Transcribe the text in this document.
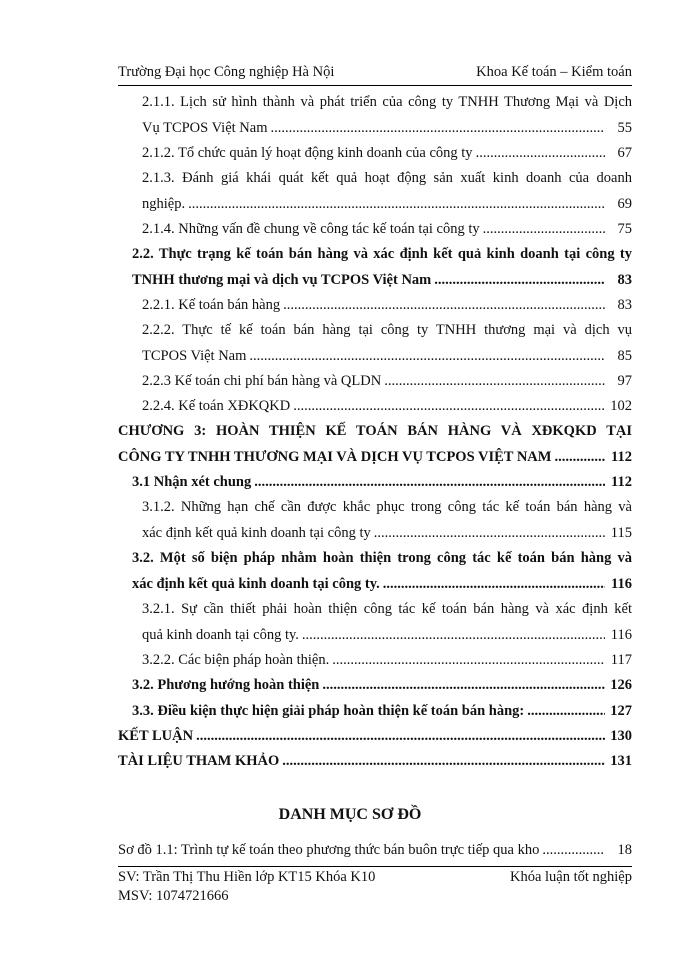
Trường Đại học Công nghiệp Hà Nội	Khoa Kế toán – Kiểm toán
2.1.1. Lịch sử hình thành và phát triển của công ty TNHH Thương Mại và Dịch
Vụ TCPOS Việt Nam .....	55
2.1.2. Tổ chức quản lý hoạt động kinh doanh của công ty .....	67
2.1.3. Đánh giá khái quát kết quả hoạt động sản xuất kinh doanh của doanh
nghiệp. .....	69
2.1.4. Những vấn đề chung về công tác kế toán tại công ty .....	75
2.2. Thực trạng kế toán bán hàng và xác định kết quả kinh doanh tại công ty
TNHH thương mại và dịch vụ TCPOS Việt Nam .....	83
2.2.1. Kế toán bán hàng .....	83
2.2.2. Thực tế kế toán bán hàng tại công ty TNHH thương mại và dịch vụ
TCPOS Việt Nam .....	85
2.2.3 Kế toán chi phí bán hàng và QLDN .....	97
2.2.4. Kế toán XĐKQKD .....	102
CHƯƠNG 3: HOÀN THIỆN KẾ TOÁN BÁN HÀNG VÀ XĐKQKD TẠI
CÔNG TY TNHH THƯƠNG MẠI VÀ DỊCH VỤ TCPOS VIỆT NAM .....	112
3.1 Nhận xét chung .....	112
3.1.2. Những hạn chế cần được khắc phục trong công tác kế toán bán hàng và
xác định kết quả kinh doanh tại công ty .....	115
3.2. Một số biện pháp nhằm hoàn thiện trong công tác kế toán bán hàng và
xác định kết quả kinh doanh tại công ty. .....	116
3.2.1. Sự cần thiết phải hoàn thiện công tác kế toán bán hàng và xác định kết
quả kinh doanh tại công ty. .....	116
3.2.2. Các biện pháp hoàn thiện. .....	117
3.2. Phương hướng hoàn thiện .....	126
3.3. Điều kiện thực hiện giải pháp hoàn thiện kế toán bán hàng: .....	127
KẾT LUẬN .....	130
TÀI LIỆU THAM KHẢO .....	131
DANH MỤC SƠ ĐỒ
Sơ đồ 1.1: Trình tự kế toán theo phương thức bán buôn trực tiếp qua kho .....	18
SV: Trần Thị Thu Hiền lớp KT15 Khóa K10	Khóa luận tốt nghiệp
MSV: 1074721666
